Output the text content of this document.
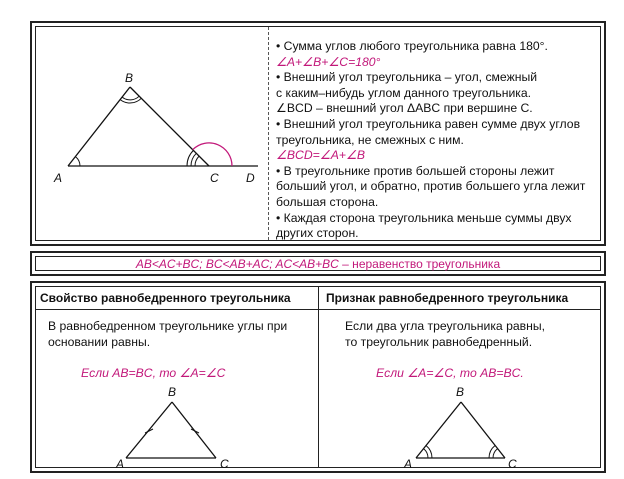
A
B
C D
• Сумма углов любого треугольника равна 180°.
∠A+∠B+∠C=180°
• Внешний угол треугольника – угол, смежный
с каким–нибудь углом данного треугольника.
∠BCD – внешний угол ΔABC при вершине C.
• Внешний угол треугольника равен сумме двух углов
треугольника, не смежных с ним.
∠BCD=∠A+∠B
• В треугольнике против большей стороны лежит
больший угол, и обратно, против большего угла лежит
большая сторона.
• Каждая сторона треугольника меньше суммы двух
других сторон.
AB<AC+BC; BC<AB+AC; AC<AB+BC – неравенство треугольника
Свойство равнобедренного треугольника	Признак равнобедренного треугольника
В равнобедренном треугольнике углы при
основании равны.
Если два угла треугольника равны,
то треугольник равнобедренный.
Если AB=BC, то ∠A=∠C	Если ∠A=∠C, то AB=BC.
A
B
C	A
B
C
